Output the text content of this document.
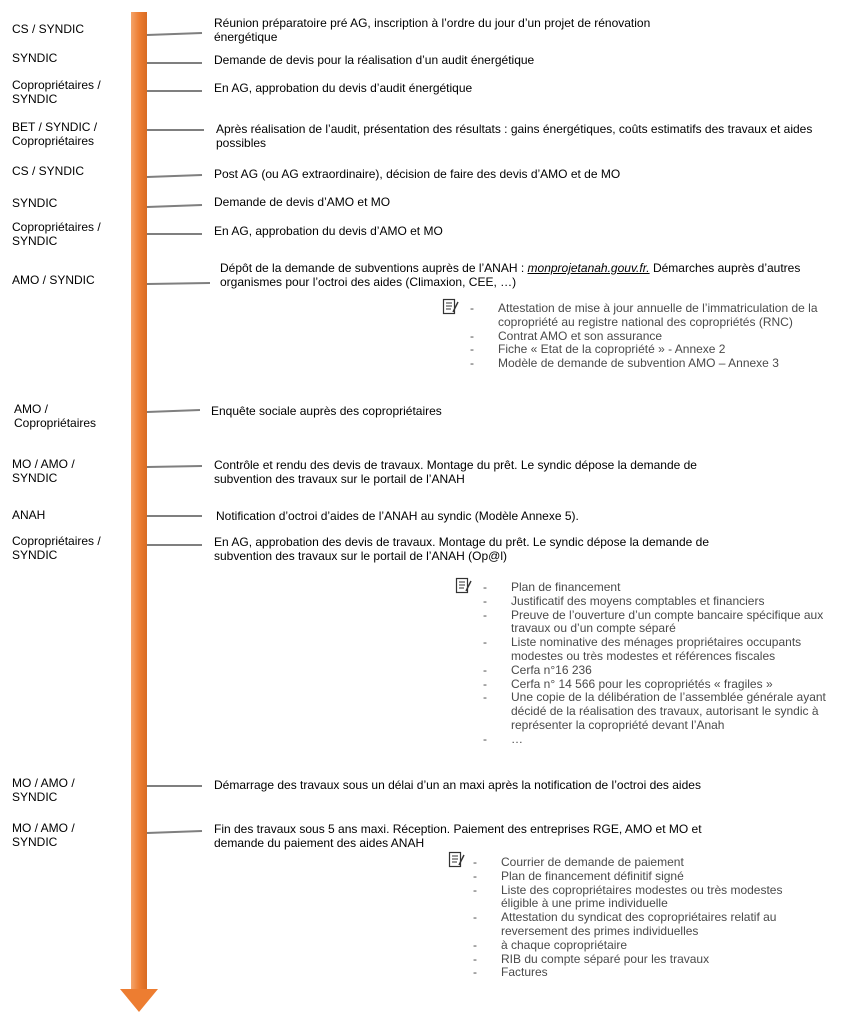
CS / SYNDIC
SYNDIC
Copropriétaires / SYNDIC
BET / SYNDIC / Copropriétaires
CS / SYNDIC
SYNDIC
Copropriétaires / SYNDIC
AMO / SYNDIC
AMO / Copropriétaires
MO / AMO / SYNDIC
ANAH
Copropriétaires / SYNDIC
MO / AMO / SYNDIC
MO / AMO / SYNDIC
Réunion préparatoire pré AG, inscription à l’ordre du jour d’un projet de rénovation énergétique
Demande de devis pour la réalisation d’un audit énergétique
En AG, approbation du devis d’audit énergétique
Après réalisation de l’audit, présentation des résultats : gains énergétiques, coûts estimatifs des travaux et aides possibles
Post AG (ou AG extraordinaire), décision de faire des devis d’AMO et de MO
Demande de devis d’AMO et MO
En AG, approbation du devis d’AMO et MO
Dépôt de la demande de subventions auprès de l’ANAH : monprojetanah.gouv.fr. Démarches auprès d’autres organismes pour l’octroi des aides (Climaxion, CEE, …)
Enquête sociale auprès des copropriétaires
Contrôle et rendu des devis de travaux. Montage du prêt. Le syndic dépose la demande de subvention des travaux sur le portail de l’ANAH
Notification d’octroi d’aides de l’ANAH au syndic (Modèle Annexe 5).
En AG, approbation des devis de travaux. Montage du prêt. Le syndic dépose la demande de subvention des travaux sur le portail de l’ANAH (Op@l)
Démarrage des travaux sous un délai d’un an maxi après la notification de l’octroi des aides
Fin des travaux sous 5 ans maxi. Réception. Paiement des entreprises RGE, AMO et MO et demande du paiement des aides ANAH
- Attestation de mise à jour annuelle de l’immatriculation de la copropriété au registre national des copropriétés (RNC)
- Contrat AMO et son assurance
- Fiche « Etat de la copropriété » - Annexe 2
- Modèle de demande de subvention AMO – Annexe 3
- Plan de financement
- Justificatif des moyens comptables et financiers
- Preuve de l’ouverture d’un compte bancaire spécifique aux travaux ou d’un compte séparé
- Liste nominative des ménages propriétaires occupants modestes ou très modestes et références fiscales
- Cerfa n°16 236
- Cerfa n° 14 566 pour les copropriétés « fragiles »
- Une copie de la délibération de l’assemblée générale ayant décidé de la réalisation des travaux, autorisant le syndic à représenter la copropriété devant l’Anah
- …
- Courrier de demande de paiement
- Plan de financement définitif signé
- Liste des copropriétaires modestes ou très modestes éligible à une prime individuelle
- Attestation du syndicat des copropriétaires relatif au reversement des primes individuelles
- à chaque copropriétaire
- RIB du compte séparé pour les travaux
- Factures
